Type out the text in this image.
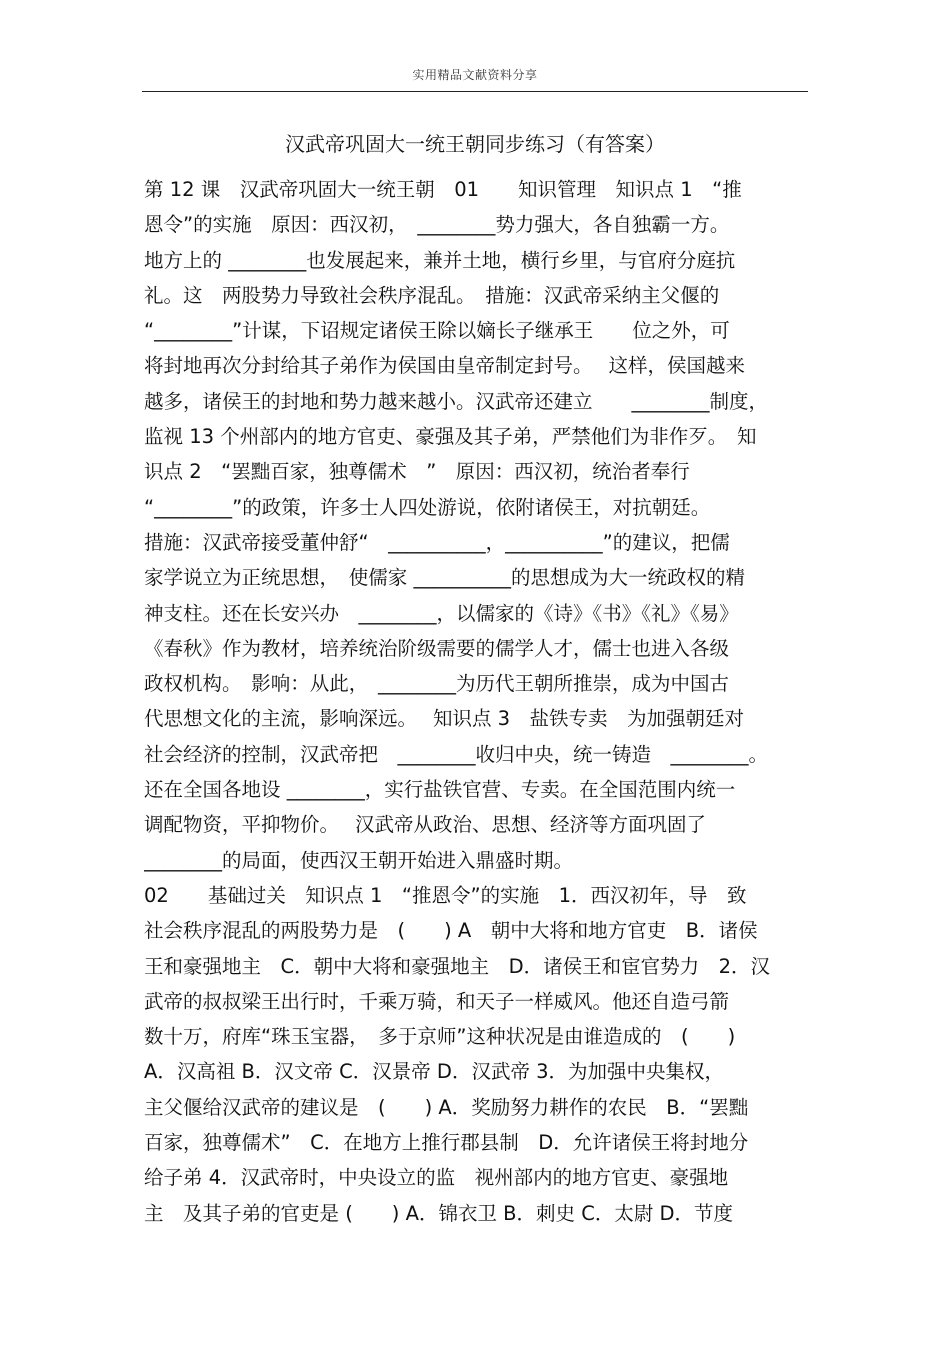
实用精品文献资料分享
汉武帝巩固大一统王朝同步练习（有答案）
第 12 课　汉武帝巩固大一统王朝　01　　知识管理　知识点 1　“推
恩令”的实施　原因：西汉初，　________势力强大，各自独霸一方。
地方上的 ________也发展起来，兼并土地，横行乡里，与官府分庭抗
礼。这　两股势力导致社会秩序混乱。　措施：汉武帝采纳主父偃的
“________”计谋，下诏规定诸侯王除以嫡长子继承王　　位之外，可
将封地再次分封给其子弟作为侯国由皇帝制定封号。　 这样，侯国越来
越多，诸侯王的封地和势力越来越小。汉武帝还建立　　________制度，
监视 13 个州部内的地方官吏、豪强及其子弟，严禁他们为非作歹。　知
识点 2　“罢黜百家，独尊儒术　”　原因：西汉初，统治者奉行
“________”的政策，许多士人四处游说，依附诸侯王，对抗朝廷。
措施：汉武帝接受董仲舒“　__________，__________”的建议，把儒
家学说立为正统思想，　使儒家 __________的思想成为大一统政权的精
神支柱。还在长安兴办　________，以儒家的《诗》《书》《礼》《易》
《春秋》作为教材，培养统治阶级需要的儒学人才，儒士也进入各级
政权机构。　影响：从此，　________为历代王朝所推崇，成为中国古
代思想文化的主流，影响深远。　 知识点 3　盐铁专卖　为加强朝廷对
社会经济的控制，汉武帝把　________收归中央，统一铸造　________。
还在全国各地设 ________，实行盐铁官营、专卖。在全国范围内统一
调配物资，平抑物价。　 汉武帝从政治、思想、经济等方面巩固了
________的局面，使西汉王朝开始进入鼎盛时期。
02　　基础过关　知识点 1　“推恩令”的实施　1．西汉初年，导　致
社会秩序混乱的两股势力是　(　　) A　朝中大将和地方官吏　B．诸侯
王和豪强地主　C．朝中大将和豪强地主　D．诸侯王和宦官势力　2．汉
武帝的叔叔梁王出行时，千乘万骑，和天子一样威风。他还自造弓箭
数十万，府库“珠玉宝器，　多于京师”这种状况是由谁造成的　(　　)
A．汉高祖 B．汉文帝 C．汉景帝 D．汉武帝 3．为加强中央集权，
主父偃给汉武帝的建议是　(　　) A．奖励努力耕作的农民　B．“罢黜
百家，独尊儒术”　C．在地方上推行郡县制　D．允许诸侯王将封地分
给子弟 4．汉武帝时，中央设立的监　视州部内的地方官吏、豪强地
主　及其子弟的官吏是 (　　) A．锦衣卫 B．刺史 C．太尉 D．节度
